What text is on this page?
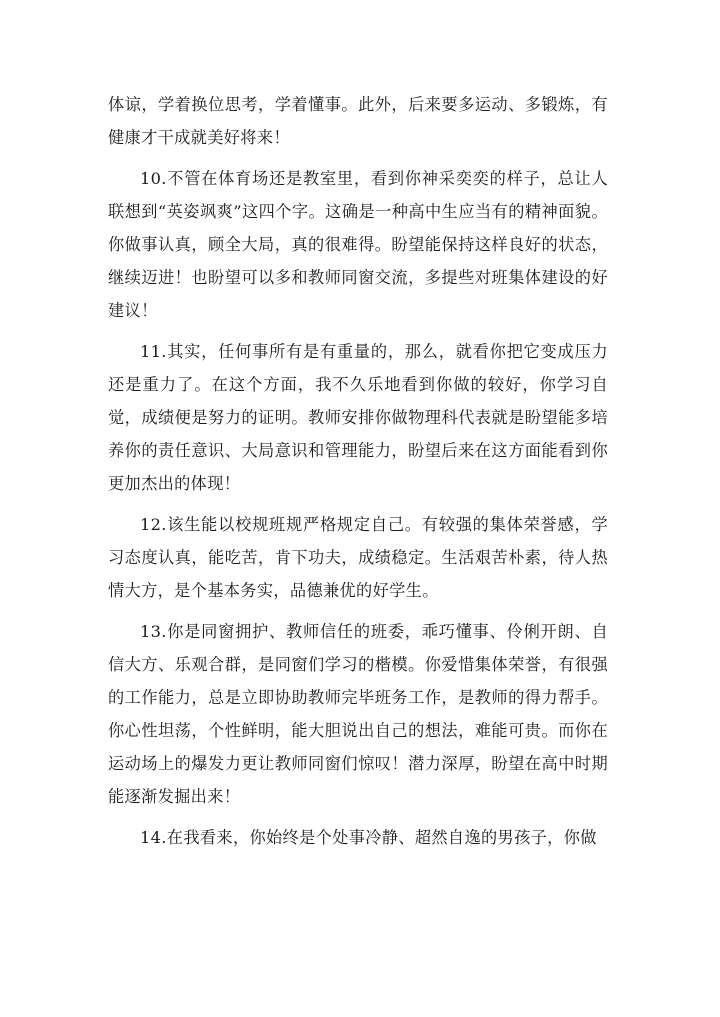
体谅，学着换位思考，学着懂事。此外，后来要多运动、多锻炼，有健康才干成就美好将来！

10.不管在体育场还是教室里，看到你神采奕奕的样子，总让人联想到“英姿飒爽”这四个字。这确是一种高中生应当有的精神面貌。你做事认真，顾全大局，真的很难得。盼望能保持这样良好的状态，继续迈进！也盼望可以多和教师同窗交流，多提些对班集体建设的好建议！

11.其实，任何事所有是有重量的，那么，就看你把它变成压力还是重力了。在这个方面，我不久乐地看到你做的较好，你学习自觉，成绩便是努力的证明。教师安排你做物理科代表就是盼望能多培养你的责任意识、大局意识和管理能力，盼望后来在这方面能看到你更加杰出的体现！

12.该生能以校规班规严格规定自己。有较强的集体荣誉感，学习态度认真，能吃苦，肯下功夫，成绩稳定。生活艰苦朴素，待人热情大方，是个基本务实，品德兼优的好学生。

13.你是同窗拥护、教师信任的班委，乖巧懂事、伶俐开朗、自信大方、乐观合群，是同窗们学习的楷模。你爱惜集体荣誉，有很强的工作能力，总是立即协助教师完毕班务工作，是教师的得力帮手。你心性坦荡，个性鲜明，能大胆说出自己的想法，难能可贵。而你在运动场上的爆发力更让教师同窗们惊叹！潜力深厚，盼望在高中时期能逐渐发掘出来！

14.在我看来，你始终是个处事冷静、超然自逸的男孩子，你做
